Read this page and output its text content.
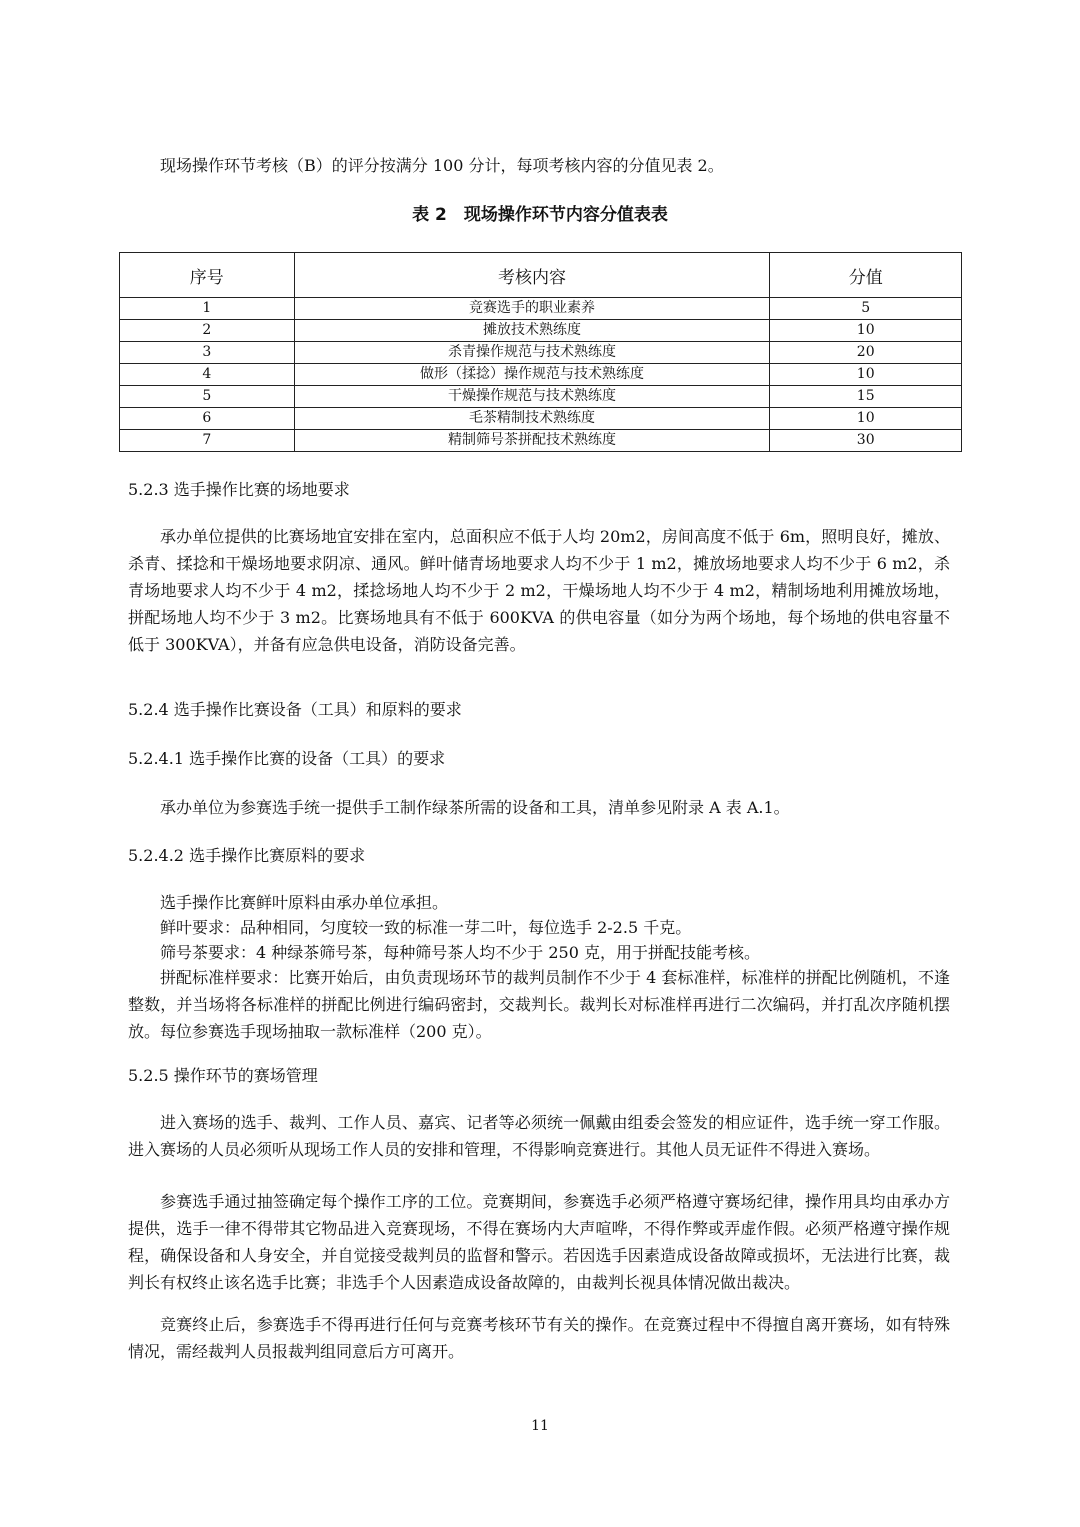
现场操作环节考核（B）的评分按满分 100 分计，每项考核内容的分值见表 2。

表 2　现场操作环节内容分值表表
序号	考核内容	分值
1	竞赛选手的职业素养	5
2	摊放技术熟练度	10
3	杀青操作规范与技术熟练度	20
4	做形（揉捻）操作规范与技术熟练度	10
5	干燥操作规范与技术熟练度	15
6	毛茶精制技术熟练度	10
7	精制筛号茶拼配技术熟练度	30

5.2.3 选手操作比赛的场地要求

承办单位提供的比赛场地宜安排在室内，总面积应不低于人均 20m2，房间高度不低于 6m，照明良好，摊放、杀青、揉捻和干燥场地要求阴凉、通风。鲜叶储青场地要求人均不少于 1 m2，摊放场地要求人均不少于 6 m2，杀青场地要求人均不少于 4 m2，揉捻场地人均不少于 2 m2，干燥场地人均不少于 4 m2，精制场地利用摊放场地，拼配场地人均不少于 3 m2。比赛场地具有不低于 600KVA 的供电容量（如分为两个场地，每个场地的供电容量不低于 300KVA），并备有应急供电设备，消防设备完善。

5.2.4 选手操作比赛设备（工具）和原料的要求

5.2.4.1 选手操作比赛的设备（工具）的要求

承办单位为参赛选手统一提供手工制作绿茶所需的设备和工具，清单参见附录 A 表 A.1。

5.2.4.2 选手操作比赛原料的要求

选手操作比赛鲜叶原料由承办单位承担。

鲜叶要求：品种相同，匀度较一致的标准一芽二叶，每位选手 2-2.5 千克。

筛号茶要求：4 种绿茶筛号茶，每种筛号茶人均不少于 250 克，用于拼配技能考核。

拼配标准样要求：比赛开始后，由负责现场环节的裁判员制作不少于 4 套标准样，标准样的拼配比例随机，不逢整数，并当场将各标准样的拼配比例进行编码密封，交裁判长。裁判长对标准样再进行二次编码，并打乱次序随机摆放。每位参赛选手现场抽取一款标准样（200 克）。

5.2.5 操作环节的赛场管理

进入赛场的选手、裁判、工作人员、嘉宾、记者等必须统一佩戴由组委会签发的相应证件，选手统一穿工作服。进入赛场的人员必须听从现场工作人员的安排和管理，不得影响竞赛进行。其他人员无证件不得进入赛场。

参赛选手通过抽签确定每个操作工序的工位。竞赛期间，参赛选手必须严格遵守赛场纪律，操作用具均由承办方提供，选手一律不得带其它物品进入竞赛现场，不得在赛场内大声喧哗，不得作弊或弄虚作假。必须严格遵守操作规程，确保设备和人身安全，并自觉接受裁判员的监督和警示。若因选手因素造成设备故障或损坏，无法进行比赛，裁判长有权终止该名选手比赛；非选手个人因素造成设备故障的，由裁判长视具体情况做出裁决。

竞赛终止后，参赛选手不得再进行任何与竞赛考核环节有关的操作。在竞赛过程中不得擅自离开赛场，如有特殊情况，需经裁判人员报裁判组同意后方可离开。

11
